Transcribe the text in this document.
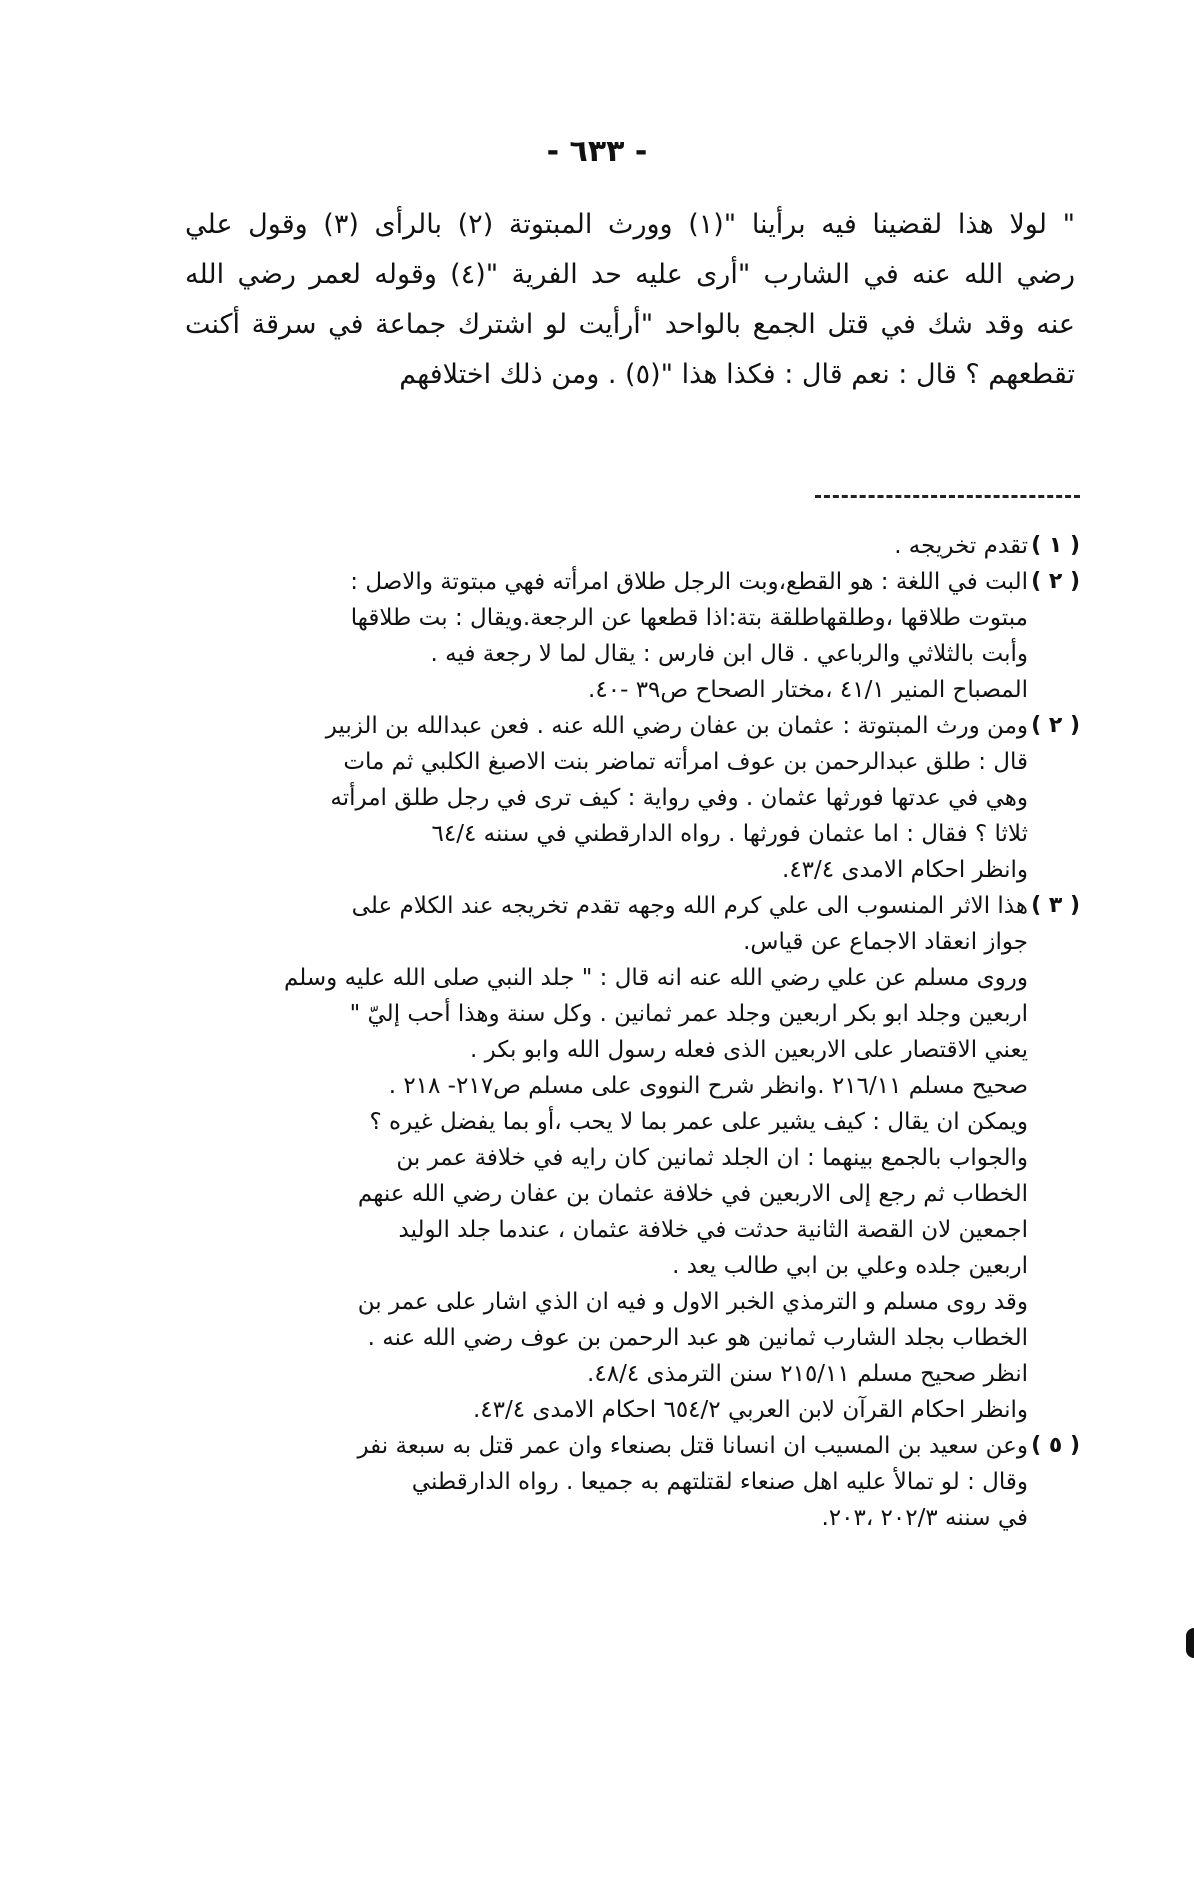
- ٦٣٣ -
" لولا هذا لقضينا فيه برأينا "(١) وورث المبتوتة (٢) بالرأى (٣) وقول علي
رضي الله عنه في الشارب "أرى عليه حد الفرية "(٤) وقوله لعمر رضي الله
عنه وقد شك في قتل الجمع بالواحد "أرأيت لو اشترك جماعة في سرقة أكنت
تقطعهم ؟ قال : نعم قال : فكذا هذا "(٥) . ومن ذلك اختلافهم
( ١ )
تقدم تخريجه .
( ٢ )
البت في اللغة : هو القطع،وبت الرجل طلاق امرأته فهي مبتوتة والاصل :
مبتوت طلاقها ،وطلقهاطلقة بتة:اذا قطعها عن الرجعة.ويقال : بت طلاقها
وأبت بالثلاثي والرباعي . قال ابن فارس : يقال لما لا رجعة فيه .
المصباح المنير ٤١/١ ،مختار الصحاح ص٣٩ -٤٠.
( ٢ )
ومن ورث المبتوتة : عثمان بن عفان رضي الله عنه . فعن عبدالله بن الزبير
قال : طلق عبدالرحمن بن عوف امرأته تماضر بنت الاصبغ الكلبي ثم مات
وهي في عدتها فورثها عثمان . وفي رواية : كيف ترى في رجل طلق امرأته
ثلاثا ؟ فقال : اما عثمان فورثها . رواه الدارقطني في سننه ٦٤/٤
وانظر احكام الامدى ٤٣/٤.
( ٣ )
هذا الاثر المنسوب الى علي كرم الله وجهه تقدم تخريجه عند الكلام على
جواز انعقاد الاجماع عن قياس.
وروى مسلم عن علي رضي الله عنه انه قال : " جلد النبي صلى الله عليه وسلم
اربعين وجلد ابو بكر اربعين وجلد عمر ثمانين . وكل سنة وهذا أحب إليّ "
يعني الاقتصار على الاربعين الذى فعله رسول الله وابو بكر .
صحيح مسلم ٢١٦/١١ .وانظر شرح النووى على مسلم ص٢١٧- ٢١٨ .
ويمكن ان يقال : كيف يشير على عمر بما لا يحب ،أو بما يفضل غيره ؟
والجواب بالجمع بينهما : ان الجلد ثمانين كان رايه في خلافة عمر بن
الخطاب ثم رجع إلى الاربعين في خلافة عثمان بن عفان رضي الله عنهم
اجمعين لان القصة الثانية حدثت في خلافة عثمان ، عندما جلد الوليد
اربعين جلده وعلي بن ابي طالب يعد .
وقد روى مسلم و الترمذي الخبر الاول و فيه ان الذي اشار على عمر بن
الخطاب بجلد الشارب ثمانين هو عبد الرحمن بن عوف رضي الله عنه .
انظر صحيح مسلم ٢١٥/١١ سنن الترمذى ٤٨/٤.
وانظر احكام القرآن لابن العربي ٦٥٤/٢ احكام الامدى ٤٣/٤.
( ٥ )
وعن سعيد بن المسيب ان انسانا قتل بصنعاء وان عمر قتل به سبعة نفر
وقال : لو تمالأ عليه اهل صنعاء لقتلتهم به جميعا . رواه الدارقطني
في سننه ٢٠٢/٣ ،٢٠٣.
